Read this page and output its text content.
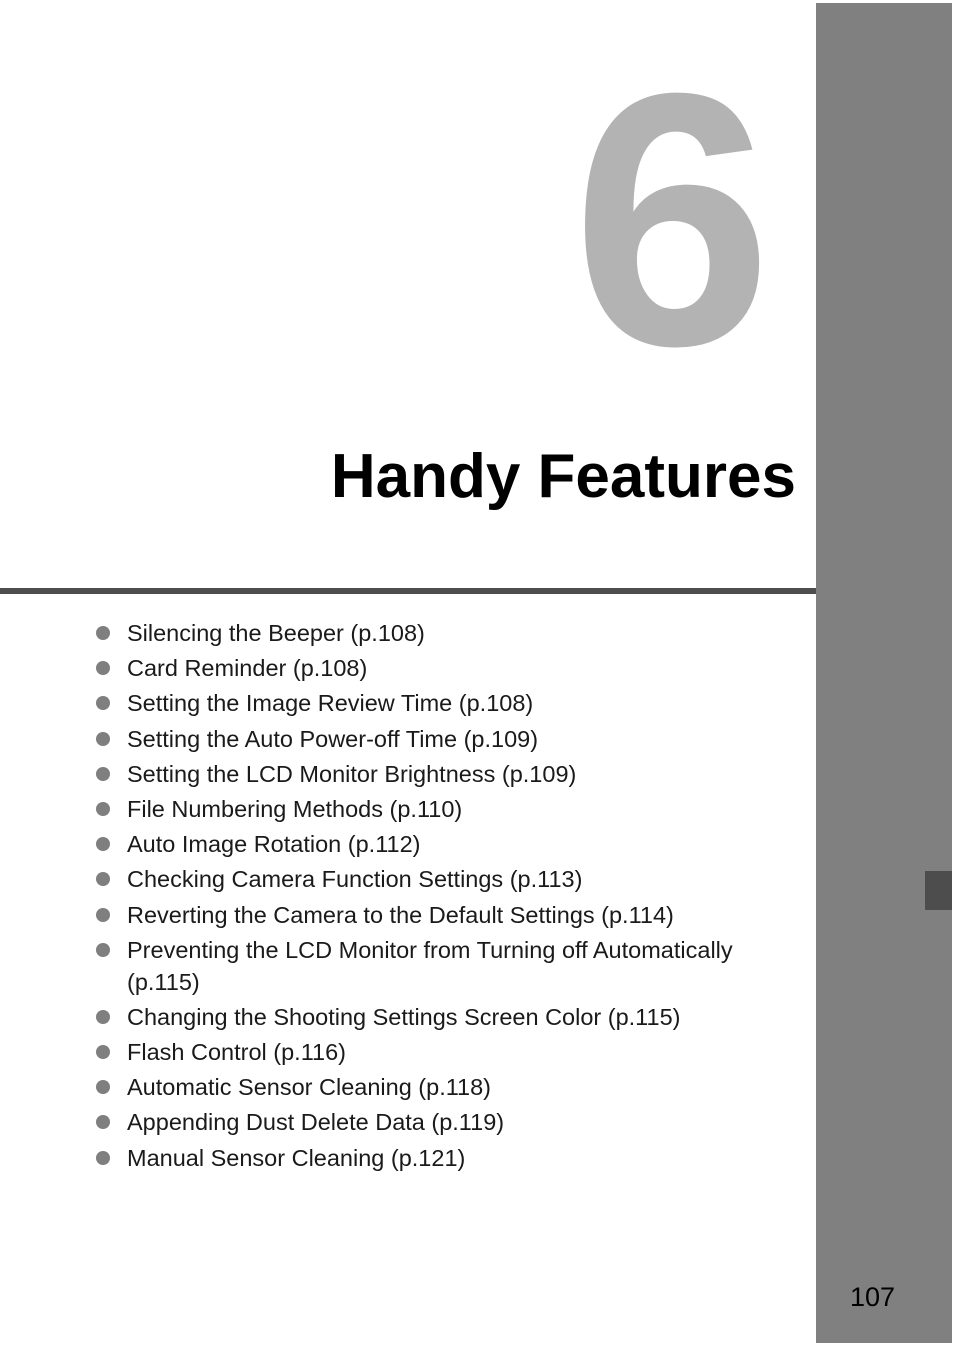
6
Handy Features
Silencing the Beeper (p.108)
Card Reminder (p.108)
Setting the Image Review Time (p.108)
Setting the Auto Power-off Time (p.109)
Setting the LCD Monitor Brightness (p.109)
File Numbering Methods (p.110)
Auto Image Rotation (p.112)
Checking Camera Function Settings (p.113)
Reverting the Camera to the Default Settings (p.114)
Preventing the LCD Monitor from Turning off Automatically (p.115)
Changing the Shooting Settings Screen Color (p.115)
Flash Control (p.116)
Automatic Sensor Cleaning (p.118)
Appending Dust Delete Data (p.119)
Manual Sensor Cleaning (p.121)
107
